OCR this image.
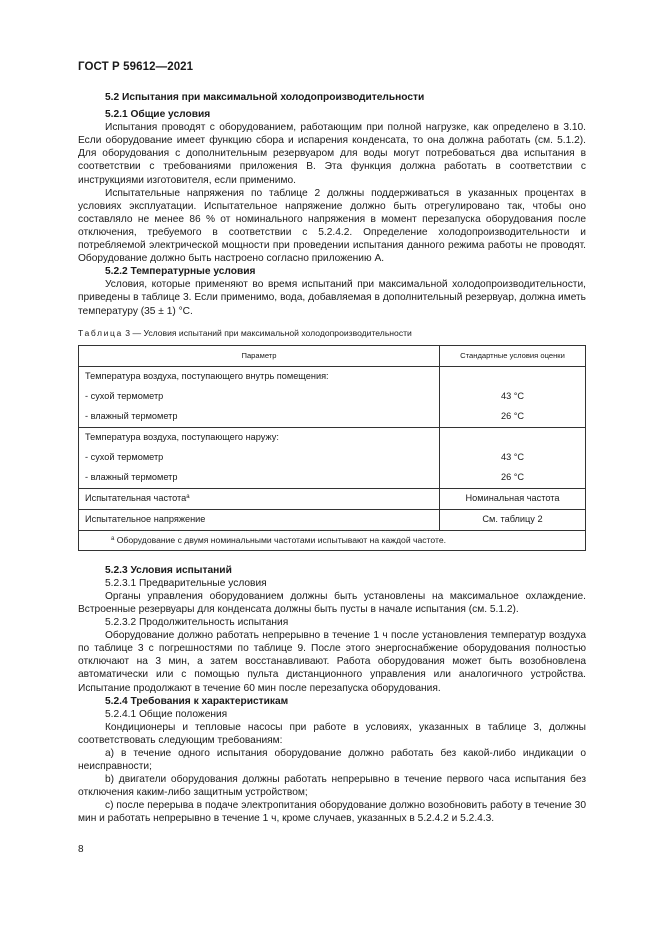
ГОСТ Р 59612—2021
5.2 Испытания при максимальной холодопроизводительности
5.2.1 Общие условия

Испытания проводят с оборудованием, работающим при полной нагрузке, как определено в 3.10. Если оборудование имеет функцию сбора и испарения конденсата, то она должна работать (см. 5.1.2). Для оборудования с дополнительным резервуаром для воды могут потребоваться два испытания в соответствии с требованиями приложения В. Эта функция должна работать в соответствии с инструкциями изготовителя, если применимо.

Испытательные напряжения по таблице 2 должны поддерживаться в указанных процентах в условиях эксплуатации. Испытательное напряжение должно быть отрегулировано так, чтобы оно составляло не менее 86 % от номинального напряжения в момент перезапуска оборудования после отключения, требуемого в соответствии с 5.2.4.2. Определение холодопроизводительности и потребляемой электрической мощности при проведении испытания данного режима работы не проводят. Оборудование должно быть настроено согласно приложению А.

5.2.2 Температурные условия

Условия, которые применяют во время испытаний при максимальной холодопроизводительности, приведены в таблице 3. Если применимо, вода, добавляемая в дополнительный резервуар, должна иметь температуру (35 ± 1) °C.

Таблица 3 — Условия испытаний при максимальной холодопроизводительности
Параметр	Стандартные условия оценки
Температура воздуха, поступающего внутрь помещения:	
- сухой термометр	43 °C
- влажный термометр	26 °C
Температура воздуха, поступающего наружу:	
- сухой термометр	43 °C
- влажный термометр	26 °C
Испытательная частота$^а$	Номинальная частота
Испытательное напряжение	См. таблицу 2
$^а$ Оборудование с двумя номинальными частотами испытывают на каждой частоте.	
5.2.3 Условия испытаний
5.2.3.1 Предварительные условия

Органы управления оборудованием должны быть установлены на максимальное охлаждение. Встроенные резервуары для конденсата должны быть пусты в начале испытания (см. 5.1.2).

5.2.3.2 Продолжительность испытания

Оборудование должно работать непрерывно в течение 1 ч после установления температур воздуха по таблице 3 с погрешностями по таблице 9. После этого энергоснабжение оборудования полностью отключают на 3 мин, а затем восстанавливают. Работа оборудования может быть возобновлена автоматически или с помощью пульта дистанционного управления или аналогичного устройства. Испытание продолжают в течение 60 мин после перезапуска оборудования.

5.2.4 Требования к характеристикам
5.2.4.1 Общие положения

Кондиционеры и тепловые насосы при работе в условиях, указанных в таблице 3, должны соответствовать следующим требованиям:

а) в течение одного испытания оборудование должно работать без какой-либо индикации о неисправности;

b) двигатели оборудования должны работать непрерывно в течение первого часа испытания без отключения каким-либо защитным устройством;

с) после перерыва в подаче электропитания оборудование должно возобновить работу в течение 30 мин и работать непрерывно в течение 1 ч, кроме случаев, указанных в 5.2.4.2 и 5.2.4.3.

8
